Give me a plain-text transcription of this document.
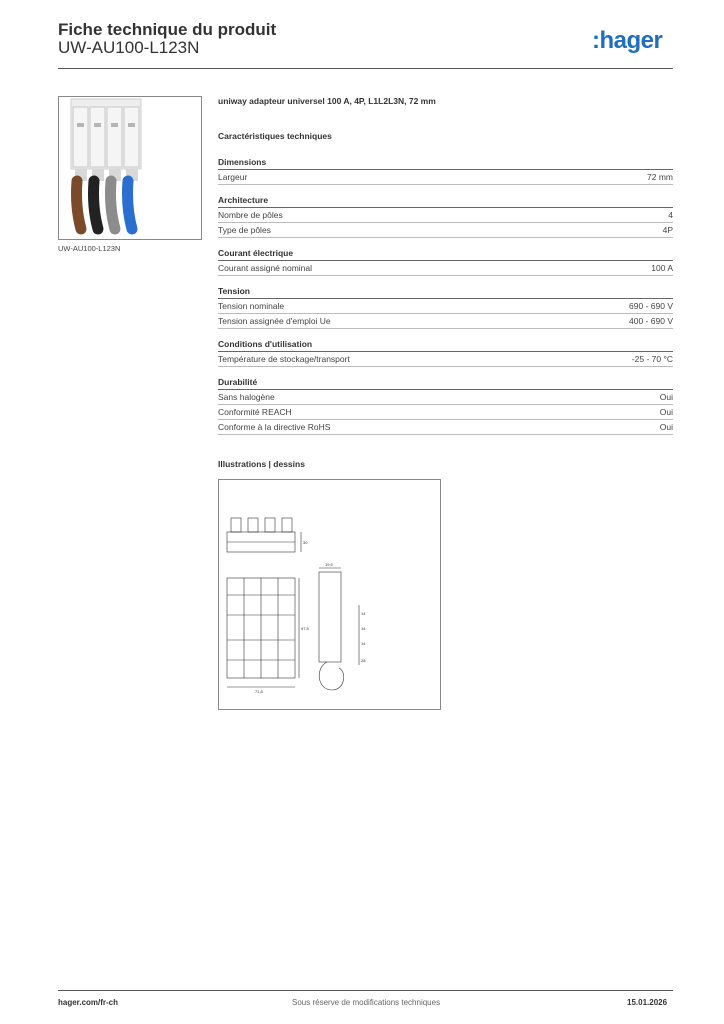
Fiche technique du produit
UW-AU100-L123N	:hager
UW-AU100-L123N
uniway adapteur universel 100 A, 4P, L1L2L3N, 72 mm
Caractéristiques techniques
Dimensions
Largeur	72 mm
Architecture
Nombre de pôles	4
Type de pôles	4P
Courant électrique
Courant assigné nominal	100 A
Tension
Tension nominale	690 - 690 V
Tension assignée d'emploi Ue	400 - 690 V
Conditions d'utilisation
Température de stockage/transport	-25 - 70 °C
Durabilité
Sans halogène	Oui
Conformité REACH	Oui
Conforme à la directive RoHS	Oui
Illustrations | dessins
30
97,5
71,8
19,5
14
14
14
28
hager.com/fr-ch	Sous réserve de modifications techniques	15.01.2026
